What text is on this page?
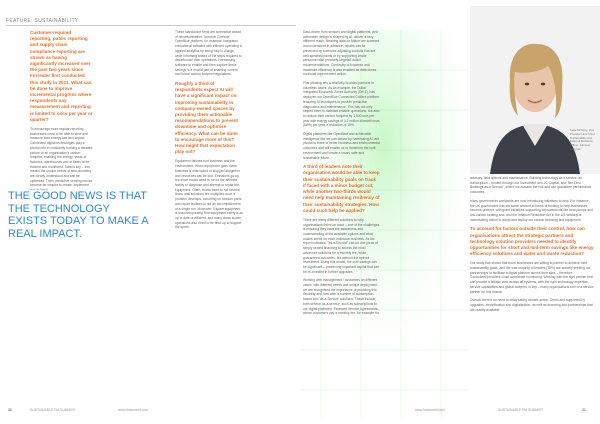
FEATURE: SUSTAINABILITY

Customer-required reporting, public reporting and supply chain compliance reporting are shown as having significantly increased over the past two years since Forrester first conducted this study in 2021. What can be done to improve incremental progress where respondents say measurement and reporting is limited to once per year or quarter?

To encourage more regular reporting, businesses need to be able to view and measure their energy use and impact. Connected digital technologies play a pivotal role in constantly forming a detailed picture of an organisation's carbon footprint, enabling the energy needs of factories, warehouses and of fleets to be tracked and monitored. Data is key – this means the unique needs of new plumbing are clearly understood and can be optimised. Then, predictive sensing moves become far simpler to create, implement

THE GOOD NEWS IS THAT THE TECHNOLOGY EXISTS TODAY TO MAKE A REAL IMPACT.

These standalone firms are somewhat ahead of decarbonisation. Johnson Controls' OpenBlue platform, for example, integrates educational software with efficient operating & applied analytics by being fully in charge, while informing ahead of the steps required to decarbonise their operations. Harnessing software to enable and then capture these savings is a crucial part of enabling current and future carbon footprint regulations.

Roughly a third of respondents expect AI will have a significant impact on improving sustainability in company-owned spaces by providing them actionable recommendations to prevent downtime and optimise efficiency. What can be done to encourage more of this? How might that expectation play out?

Equipment failures hurt business and the environment. When equipment goes down business is interrupted or stopped altogether and resources can be lost. Emissions go up too since trucks need to run to the affected facility to diagnose and attempt to repair the equipment. Often, trucks need to roll several times until solutions are multiplied once a problem develops, occurring on random parts and repair facilities is not an accomplishment of a single run. Moreover, if spare equipment is used temporarily, that equipment rarely is as up to date or efficient, and many times slower operations also need to be fired up to support the spare.

Data-driven from sensors and digital platforms, and actionable design is shaped by AI, deliver a very different result. Meaning data on failure are scanned and understood in advance, repairs can be prevented by someone adjusting controls that are well specified points or by supporting onsite personnel with precisely-targeted action recommendations. Continuity of business and maximum efficiency is also enabled as data drives continual improvement action.

First phasing lets a relatively founded partners in countless cases. As an example, the Dubai Integrated Economic Zones Authority (DIEZ), has deployed our OpenBlue Connected Chillers platform featuring AI techniques to provide predictive diagnostics and maintenance. This has not only helped them to maintain reliable operations, but also to reduce their carbon footprint by 1,000 tons per year with energy savings of 4.2 million kilowatt hours (kWh) per year, a reduction of 18%.

Digital platforms like OpenBlue and achievable intelligence like we can deliver by harnessing AI, are pivotal to three of better business and environmental outcomes and will enable us to transform the built environment and create a smart, safe and sustainable future.

A third of leaders note their organisation would be able to keep their sustainability goals on track if faced with a minor budget cut, while another two-thirds would need help maintaining resiliency of their sustainability strategies. How could such help be applied?

There are many different solutions to help organisations thrive on track – one of the challenges is ensuring they have the awareness and understanding of the available options and what makes sense for each individual business. As the report indicates, "as-a-Service" can be one piece of simply sealed financing to access the most advanced solutions for a monthly fee, while guaranteed outcomes, but without the upfront investment. Using this model, the cost savings can be significant – preserving important capital that can be re-invested in further upgrades.

Working with management / customers on different cases, with different needs and unique deployment, we are recognised the importance of providing this flexibility and now offer a number of subscription-based and 'as-a-Service' solutions. These include both service-as-a-service, such as subscriptions to our digital platforms. Financed Service Agreements, where customers pay a monthly fee, for example for

Katie McGinty, Vice President and Chief Sustainability and External Relations Officer, Johnson Controls

advisory, field options and maintenance. Building technology as a service, an subscription – funded through our Investment arm JC Capital, and 'Net Zero Buildings-as-a-Service', where we assume the risk and can guarantee performance outcomes.

Many governments worldwide are now introducing initiatives to help. For instance, the UK government has set some amount of forms of funding to help businesses become greener, with grant initiatives supporting improvements like heat pumps and low-carbon heating and, and the Inflation Reduction Act in the US similarly is incentivising action to adopt and deploy our carbon reducing and equipment.

To account for factors outside their control, how can organisations attract the strategic partners and technology solution providers needed to identify opportunities for short and mid-term savings like energy efficiency solutions and water and waste reduction?

Our study has shown that more businesses are willing to partner to achieve their sustainability goals, and the vast majority of leaders (78%) are actively seeking out partnerships to facilitate a digital platform across their sites – therefore Controllers/providers could accelerate monitoring. Working with the right partner that can provide a holistic view across all systems, with the right technology expertise, service capabilities and global footprint, is key – many organisations turn to a service partner for this reason.

Overall, there's no need to delay taking climate action. Direct and supported by upgrades, electrification and digitalisation, as well as financing and partnerships that are readily available.

30	SUSTAINABLE FM SUMMER	www.fmsummit.com	www.fmsummit.com	SUSTAINABLE FM SUMMER	31
